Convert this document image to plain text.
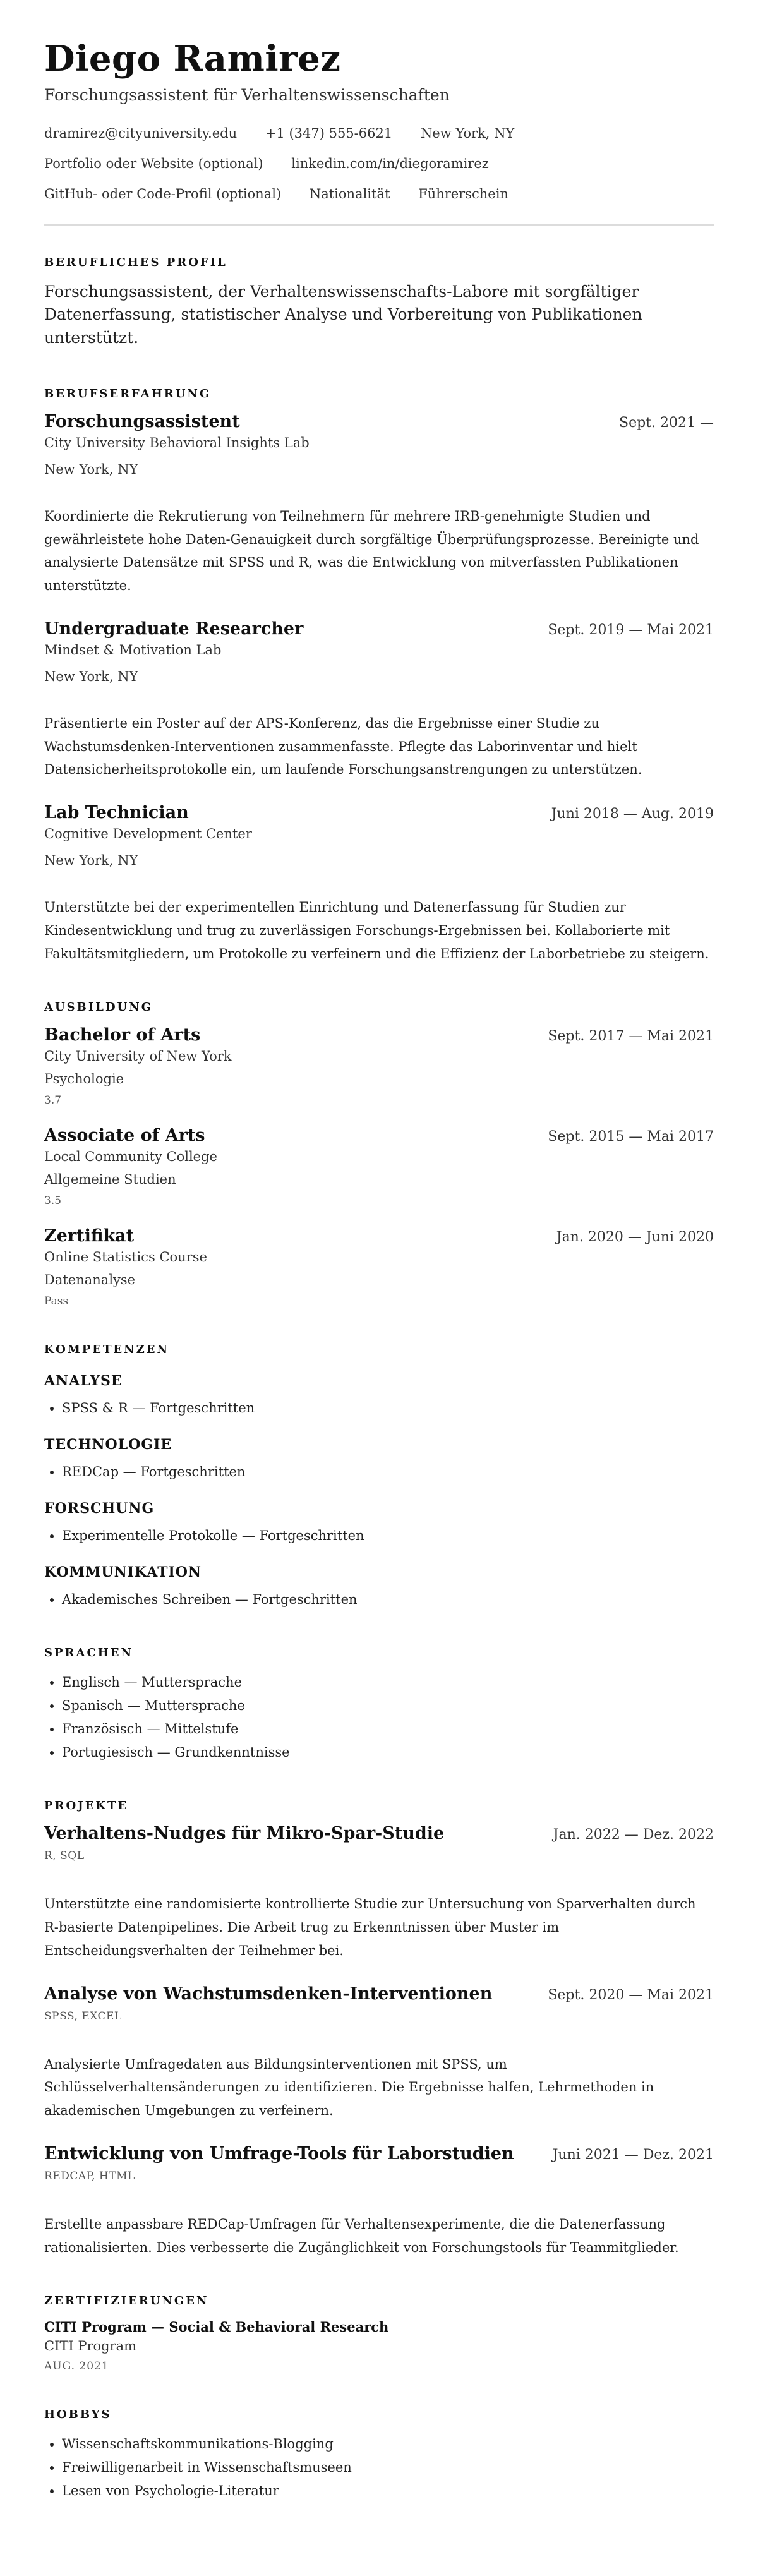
Diego Ramirez
Forschungsassistent für Verhaltenswissenschaften
dramirez@cityuniversity.edu +1 (347) 555-6621 New York, NY
Portfolio oder Website (optional) linkedin.com/in/diegoramirez
GitHub- oder Code-Profil (optional) Nationalität Führerschein
BERUFLICHES PROFIL
Forschungsassistent, der Verhaltenswissenschafts-Labore mit sorgfältiger Datenerfassung, statistischer Analyse und Vorbereitung von Publikationen unterstützt.
BERUFSERFAHRUNG
Forschungsassistent	Sept. 2021 —
City University Behavioral Insights Lab
New York, NY
Koordinierte die Rekrutierung von Teilnehmern für mehrere IRB-genehmigte Studien und gewährleistete hohe Daten-Genauigkeit durch sorgfältige Überprüfungsprozesse. Bereinigte und analysierte Datensätze mit SPSS und R, was die Entwicklung von mitverfassten Publikationen unterstützte.
Undergraduate Researcher	Sept. 2019 — Mai 2021
Mindset & Motivation Lab
New York, NY
Präsentierte ein Poster auf der APS-Konferenz, das die Ergebnisse einer Studie zu Wachstumsdenken-Interventionen zusammenfasste. Pflegte das Laborinventar und hielt Datensicherheitsprotokolle ein, um laufende Forschungsanstrengungen zu unterstützen.
Lab Technician	Juni 2018 — Aug. 2019
Cognitive Development Center
New York, NY
Unterstützte bei der experimentellen Einrichtung und Datenerfassung für Studien zur Kindesentwicklung und trug zu zuverlässigen Forschungs-Ergebnissen bei. Kollaborierte mit Fakultätsmitgliedern, um Protokolle zu verfeinern und die Effizienz der Laborbetriebe zu steigern.
AUSBILDUNG
Bachelor of Arts	Sept. 2017 — Mai 2021
City University of New York
Psychologie
3.7
Associate of Arts	Sept. 2015 — Mai 2017
Local Community College
Allgemeine Studien
3.5
Zertifikat	Jan. 2020 — Juni 2020
Online Statistics Course
Datenanalyse
Pass
KOMPETENZEN
ANALYSE
• SPSS & R — Fortgeschritten
TECHNOLOGIE
• REDCap — Fortgeschritten
FORSCHUNG
• Experimentelle Protokolle — Fortgeschritten
KOMMUNIKATION
• Akademisches Schreiben — Fortgeschritten
SPRACHEN
• Englisch — Muttersprache
• Spanisch — Muttersprache
• Französisch — Mittelstufe
• Portugiesisch — Grundkenntnisse
PROJEKTE
Verhaltens-Nudges für Mikro-Spar-Studie	Jan. 2022 — Dez. 2022
R, SQL
Unterstützte eine randomisierte kontrollierte Studie zur Untersuchung von Sparverhalten durch R-basierte Datenpipelines. Die Arbeit trug zu Erkenntnissen über Muster im Entscheidungsverhalten der Teilnehmer bei.
Analyse von Wachstumsdenken-Interventionen	Sept. 2020 — Mai 2021
SPSS, EXCEL
Analysierte Umfragedaten aus Bildungsinterventionen mit SPSS, um Schlüsselverhaltensänderungen zu identifizieren. Die Ergebnisse halfen, Lehrmethoden in akademischen Umgebungen zu verfeinern.
Entwicklung von Umfrage-Tools für Laborstudien	Juni 2021 — Dez. 2021
REDCAP, HTML
Erstellte anpassbare REDCap-Umfragen für Verhaltensexperimente, die die Datenerfassung rationalisierten. Dies verbesserte die Zugänglichkeit von Forschungstools für Teammitglieder.
ZERTIFIZIERUNGEN
CITI Program — Social & Behavioral Research
CITI Program
AUG. 2021
HOBBYS
• Wissenschaftskommunikations-Blogging
• Freiwilligenarbeit in Wissenschaftsmuseen
• Lesen von Psychologie-Literatur
